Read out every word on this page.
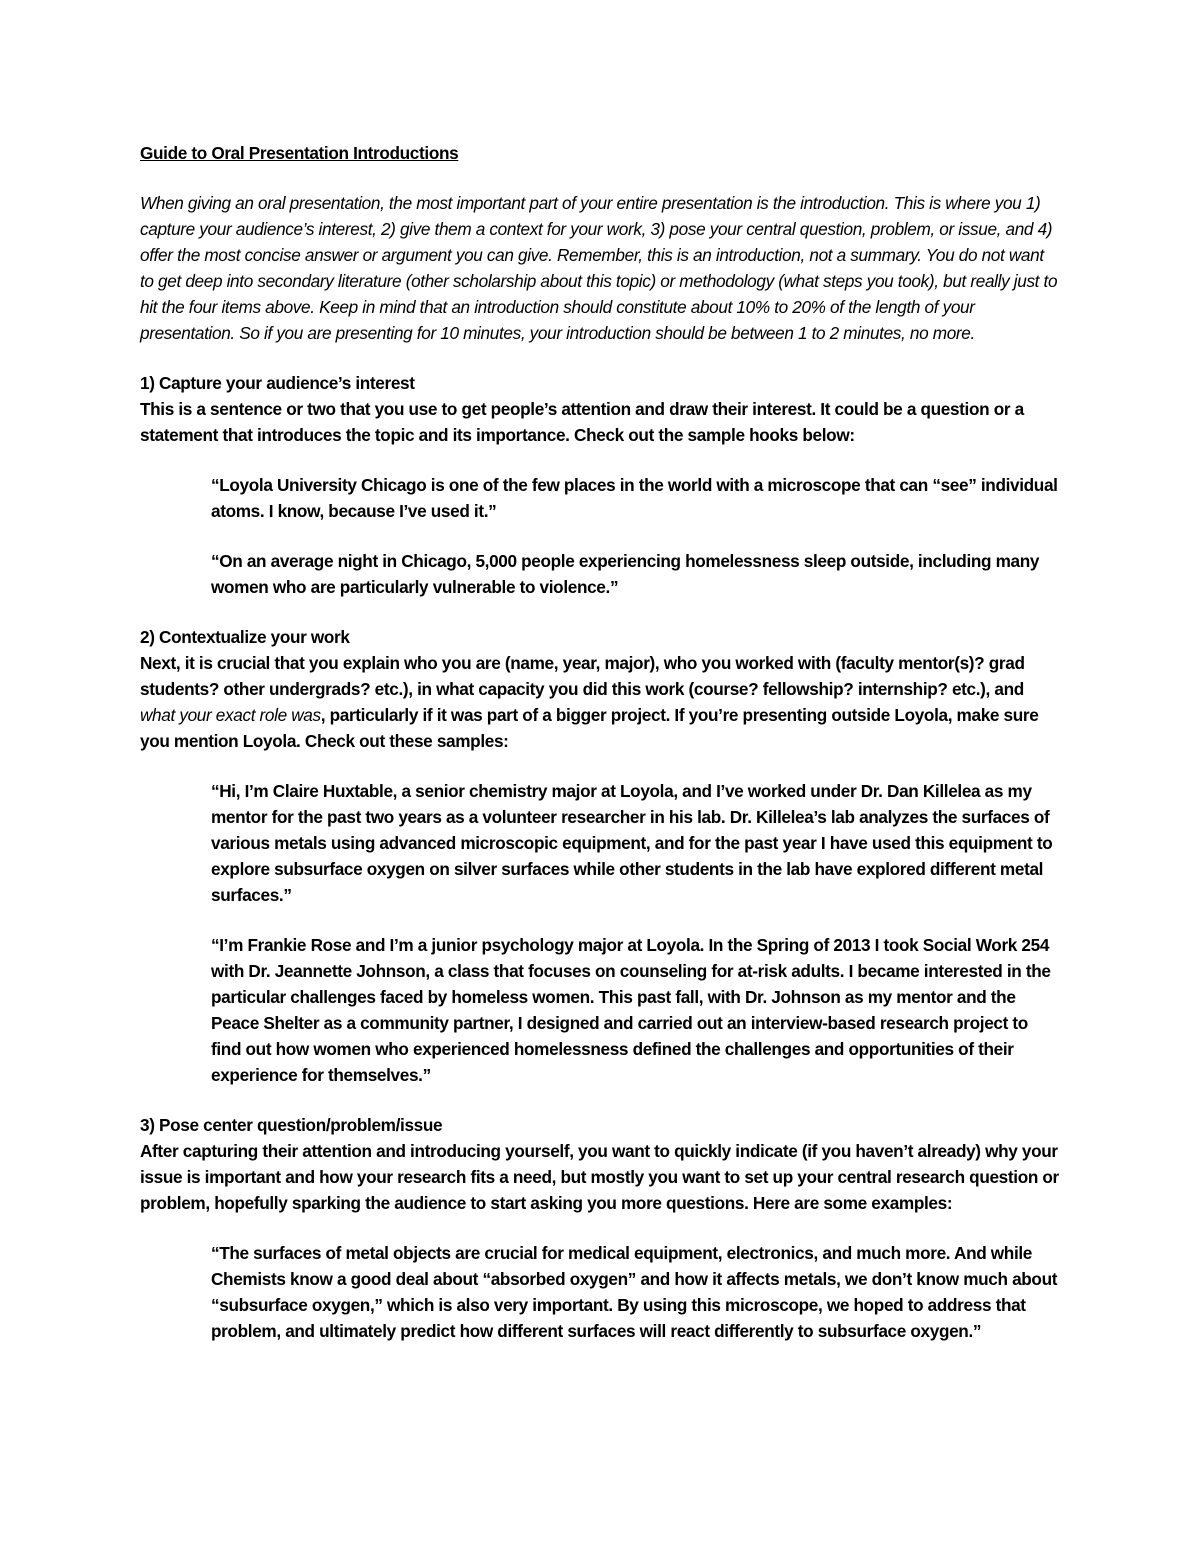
Guide to Oral Presentation Introductions

When giving an oral presentation, the most important part of your entire presentation is the introduction. This is where you 1) capture your audience’s interest, 2) give them a context for your work, 3) pose your central question, problem, or issue, and 4) offer the most concise answer or argument you can give. Remember, this is an introduction, not a summary. You do not want to get deep into secondary literature (other scholarship about this topic) or methodology (what steps you took), but really just to hit the four items above. Keep in mind that an introduction should constitute about 10% to 20% of the length of your presentation. So if you are presenting for 10 minutes, your introduction should be between 1 to 2 minutes, no more.

1) Capture your audience’s interest

This is a sentence or two that you use to get people’s attention and draw their interest. It could be a question or a statement that introduces the topic and its importance. Check out the sample hooks below:

“Loyola University Chicago is one of the few places in the world with a microscope that can “see” individual atoms. I know, because I’ve used it.”

“On an average night in Chicago, 5,000 people experiencing homelessness sleep outside, including many women who are particularly vulnerable to violence.”

2) Contextualize your work

Next, it is crucial that you explain who you are (name, year, major), who you worked with (faculty mentor(s)? grad students? other undergrads? etc.), in what capacity you did this work (course? fellowship? internship? etc.), and what your exact role was, particularly if it was part of a bigger project. If you’re presenting outside Loyola, make sure you mention Loyola. Check out these samples:

“Hi, I’m Claire Huxtable, a senior chemistry major at Loyola, and I’ve worked under Dr. Dan Killelea as my mentor for the past two years as a volunteer researcher in his lab. Dr. Killelea’s lab analyzes the surfaces of various metals using advanced microscopic equipment, and for the past year I have used this equipment to explore subsurface oxygen on silver surfaces while other students in the lab have explored different metal surfaces.”

“I’m Frankie Rose and I’m a junior psychology major at Loyola. In the Spring of 2013 I took Social Work 254 with Dr. Jeannette Johnson, a class that focuses on counseling for at-risk adults. I became interested in the particular challenges faced by homeless women. This past fall, with Dr. Johnson as my mentor and the Peace Shelter as a community partner, I designed and carried out an interview-based research project to find out how women who experienced homelessness defined the challenges and opportunities of their experience for themselves.”

3) Pose center question/problem/issue

After capturing their attention and introducing yourself, you want to quickly indicate (if you haven’t already) why your issue is important and how your research fits a need, but mostly you want to set up your central research question or problem, hopefully sparking the audience to start asking you more questions. Here are some examples:

“The surfaces of metal objects are crucial for medical equipment, electronics, and much more. And while Chemists know a good deal about “absorbed oxygen” and how it affects metals, we don’t know much about “subsurface oxygen,” which is also very important. By using this microscope, we hoped to address that problem, and ultimately predict how different surfaces will react differently to subsurface oxygen.”
